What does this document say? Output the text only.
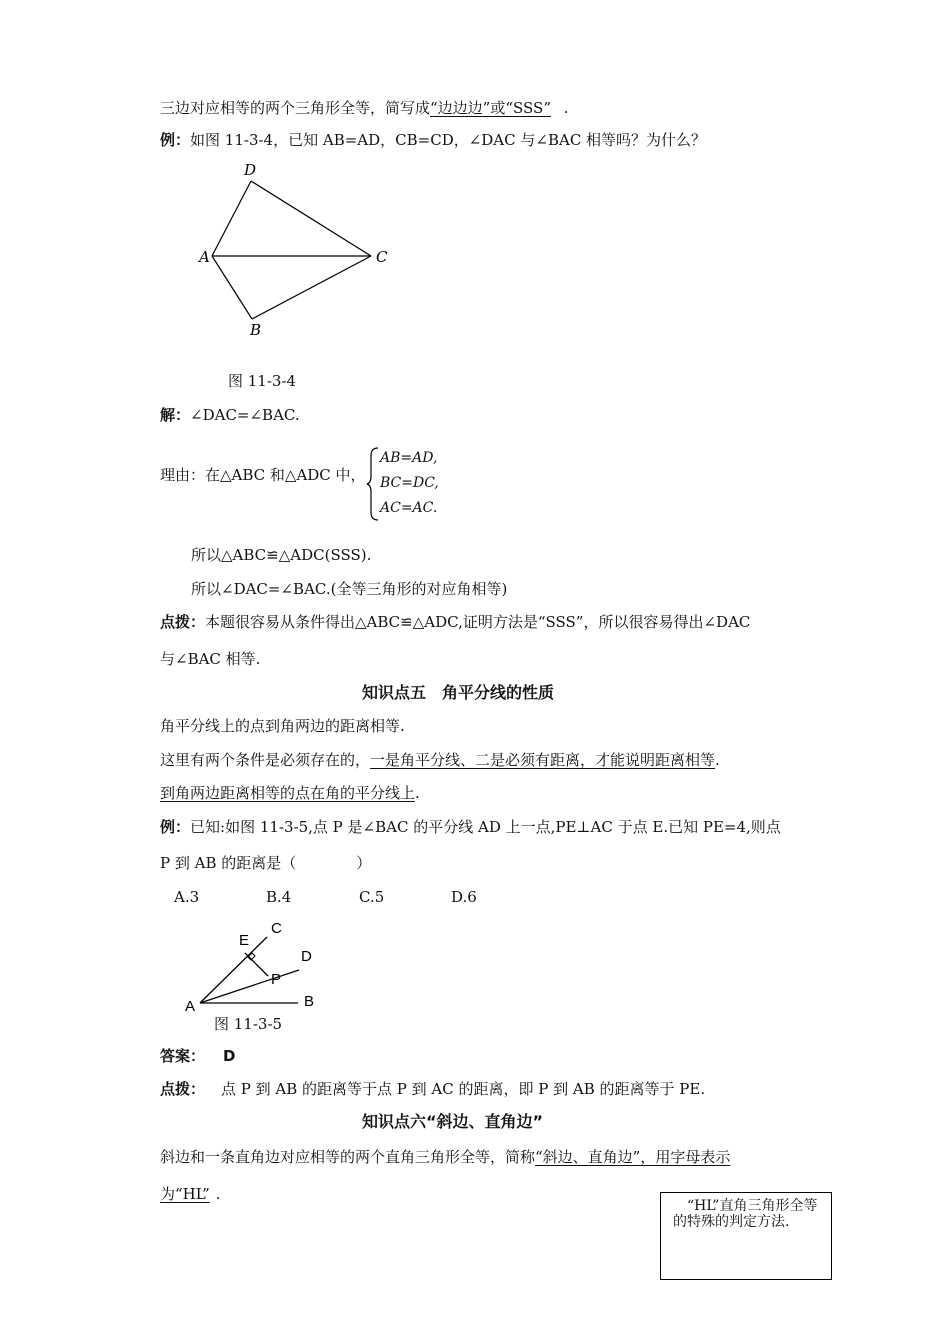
三边对应相等的两个三角形全等，简写成“边边边”或“SSS” .
例：如图 11-3-4，已知 AB=AD，CB=CD，∠DAC 与∠BAC 相等吗？为什么？
D
A	C
B
图 11-3-4
解：∠DAC=∠BAC.
理由：在△ABC 和△ADC 中，
AB=AD,
BC=DC,
AC=AC.
所以△ABC≌△ADC(SSS).
所以∠DAC=∠BAC.(全等三角形的对应角相等)
点拨：本题很容易从条件得出△ABC≌△ADC,证明方法是“SSS”，所以很容易得出∠DAC
与∠BAC 相等.
知识点五　角平分线的性质
角平分线上的点到角两边的距离相等.
这里有两个条件是必须存在的，一是角平分线、二是必须有距离，才能说明距离相等.
到角两边距离相等的点在角的平分线上.
例：已知:如图 11-3-5,点 P 是∠BAC 的平分线 AD 上一点,PE⊥AC 于点 E.已知 PE=4,则点
P 到 AB 的距离是（　　　　）
A.3	B.4	C.5	D.6
C
E
D
P
A	B
图 11-3-5
答案： D
点拨： 点 P 到 AB 的距离等于点 P 到 AC 的距离，即 P 到 AB 的距离等于 PE.
知识点六“斜边、直角边”
斜边和一条直角边对应相等的两个直角三角形全等，简称“斜边、直角边”，用字母表示
为“HL” .
“HL”直角三角形全等的特殊的判定方法.
